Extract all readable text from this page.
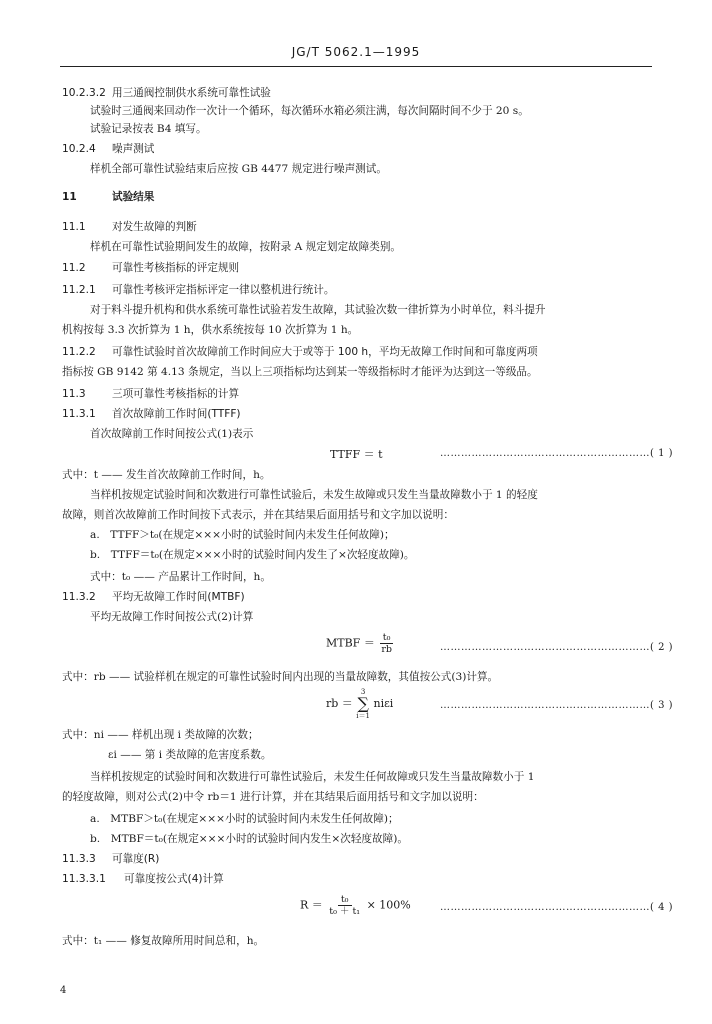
JG/T 5062.1—1995
10.2.3.2 用三通阀控制供水系统可靠性试验
试验时三通阀来回动作一次计一个循环，每次循环水箱必须注满，每次间隔时间不少于 20 s。
试验记录按表 B4 填写。
10.2.4 噪声测试
样机全部可靠性试验结束后应按 GB 4477 规定进行噪声测试。
11	试验结果
11.1 对发生故障的判断
样机在可靠性试验期间发生的故障，按附录 A 规定划定故障类别。
11.2 可靠性考核指标的评定规则
11.2.1 可靠性考核评定指标评定一律以整机进行统计。
对于料斗提升机构和供水系统可靠性试验若发生故障，其试验次数一律折算为小时单位，料斗提升
机构按每 3.3 次折算为 1 h，供水系统按每 10 次折算为 1 h。
11.2.2 可靠性试验时首次故障前工作时间应大于或等于 100 h，平均无故障工作时间和可靠度两项
指标按 GB 9142 第 4.13 条规定，当以上三项指标均达到某一等级指标时才能评为达到这一等级品。
11.3 三项可靠性考核指标的计算
11.3.1 首次故障前工作时间(TTFF)
首次故障前工作时间按公式(1)表示
TTFF ＝ t	……………………………………………………( 1 )
式中：t —— 发生首次故障前工作时间，h。
当样机按规定试验时间和次数进行可靠性试验后，未发生故障或只发生当量故障数小于 1 的轻度
故障，则首次故障前工作时间按下式表示，并在其结果后面用括号和文字加以说明：
a.　TTFF＞t₀(在规定×××小时的试验时间内未发生任何故障)；
b.　TTFF＝t₀(在规定×××小时的试验时间内发生了×次轻度故障)。
式中：t₀ —— 产品累计工作时间，h。
11.3.2 平均无故障工作时间(MTBF)
平均无故障工作时间按公式(2)计算
MTBF ＝ $\frac{\text{t₀}}{rb}$	……………………………………………………( 2 )
式中：rb —— 试验样机在规定的可靠性试验时间内出现的当量故障数，其值按公式(3)计算。
rb ＝
3
∑
i＝1
niεi	……………………………………………………( 3 )
式中：ni —— 样机出现 i 类故障的次数；
εi —— 第 i 类故障的危害度系数。
当样机按规定的试验时间和次数进行可靠性试验后，未发生任何故障或只发生当量故障数小于 1
的轻度故障，则对公式(2)中令 rb＝1 进行计算，并在其结果后面用括号和文字加以说明：
a.　MTBF＞t₀(在规定×××小时的试验时间内未发生任何故障)；
b.　MTBF＝t₀(在规定×××小时的试验时间内发生×次轻度故障)。
11.3.3 可靠度(R)
11.3.3.1 可靠度按公式(4)计算
$R = \frac{\text{t₀}}{\text{t₀ ＋ t₁}} \times 100\%$	……………………………………………………( 4 )
式中：t₁ —— 修复故障所用时间总和，h。
4
